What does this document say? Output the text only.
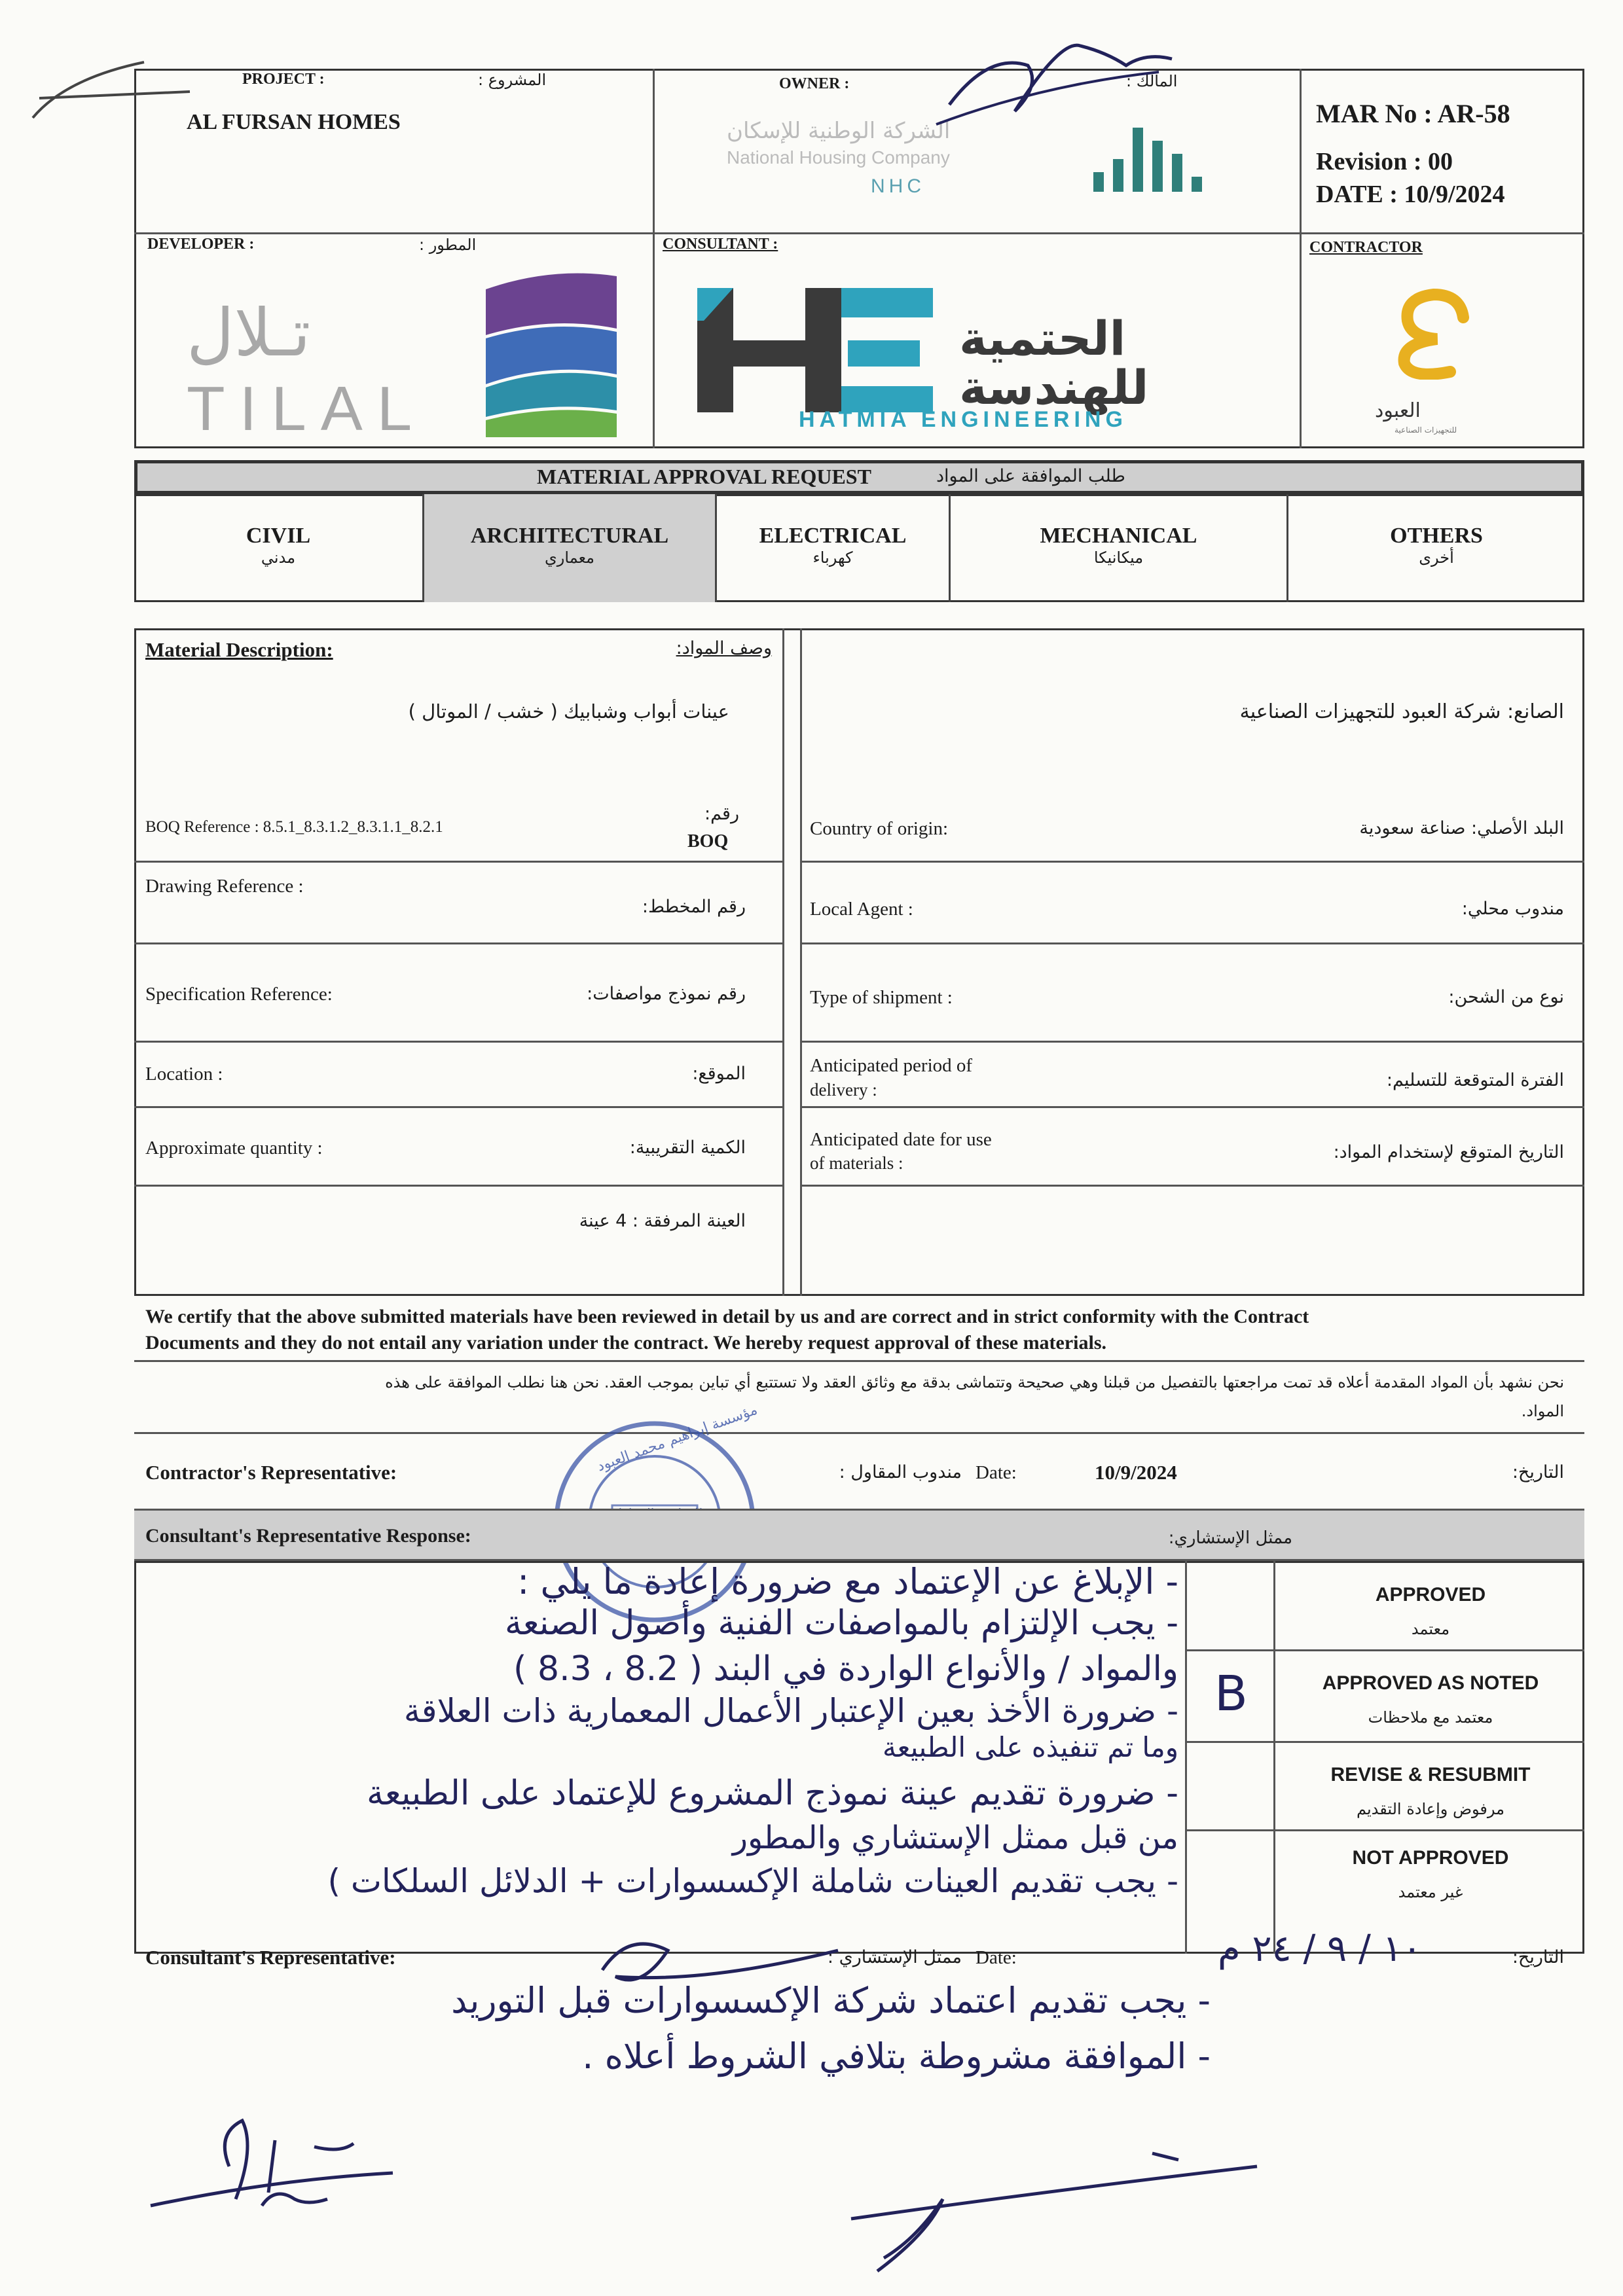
PROJECT :	المشروع :
AL FURSAN HOMES
OWNER :	المالك :
الشركة الوطنية للإسكان
National Housing Company
NHC
MAR No : AR-58
Revision : 00
DATE : 10/9/2024
DEVELOPER :	المطور :
تـلال
TILAL
CONSULTANT :
الحتمية
للهندسة
HATMIA ENGINEERING
CONTRACTOR
العبود
للتجهيزات الصناعية
MATERIAL APPROVAL REQUEST	طلب الموافقة على المواد
CIVIL
مدني
ARCHITECTURAL
معماري
ELECTRICAL
كهرباء
MECHANICAL
ميكانيكا
OTHERS
أخرى
Material Description:	وصف المواد:
عينات أبواب وشبابيك ( خشب / الموتال )
BOQ Reference : 8.5.1_8.3.1.2_8.3.1.1_8.2.1
رقم:
BOQ
Drawing Reference :
رقم المخطط:
Specification Reference:	رقم نموذج مواصفات:
Location :	الموقع:
Approximate quantity :	الكمية التقريبية:
العينة المرفقة : 4 عينة
الصانع: شركة العبود للتجهيزات الصناعية
Country of origin:	البلد الأصلي: صناعة سعودية
Local Agent :	مندوب محلي:
Type of shipment :	نوع من الشحن:
Anticipated period of
delivery :	الفترة المتوقعة للتسليم:
Anticipated date for use
of materials :
التاريخ المتوقع لإستخدام المواد:
We certify that the above submitted materials have been reviewed in detail by us and are correct and in strict conformity with the Contract
Documents and they do not entail any variation under the contract. We hereby request approval of these materials.
نحن نشهد بأن المواد المقدمة أعلاه قد تمت مراجعتها بالتفصيل من قبلنا وهي صحيحة وتتماشى بدقة مع وثائق العقد ولا تستتبع أي تباين بموجب العقد. نحن هنا نطلب الموافقة على هذه
المواد.
Contractor's Representative:	مندوب المقاول : Date:	10/9/2024	التاريخ:
مؤسسة إبراهيم محمد العبود
Consultant's Representative Response:	ممثل الإستشاري:
APPROVED
معتمد
APPROVED AS NOTED
معتمد مع ملاحظات
REVISE & RESUBMIT
مرفوض وإعادة التقديم
NOT APPROVED
غير معتمد
B
- الإبلاغ عن الإعتماد مع ضرورة إعادة ما يلي :
- يجب الإلتزام بالمواصفات الفنية وأصول الصنعة
والمواد / والأنواع الواردة في البند ( 8.2 ، 8.3 )
- ضرورة الأخذ بعين الإعتبار الأعمال المعمارية ذات العلاقة
وما تم تنفيذه على الطبيعة
- ضرورة تقديم عينة نموذج المشروع للإعتماد على الطبيعة
من قبل ممثل الإستشاري والمطور
- يجب تقديم العينات شاملة الإكسسوارات + الدلائل السلكات )
Consultant's Representative:	ممثل الإستشاري : Date:	١٠ / ٩ / ٢٤ م	التاريخ:
- يجب تقديم اعتماد شركة الإكسسوارات قبل التوريد
- الموافقة مشروطة بتلافي الشروط أعلاه .
